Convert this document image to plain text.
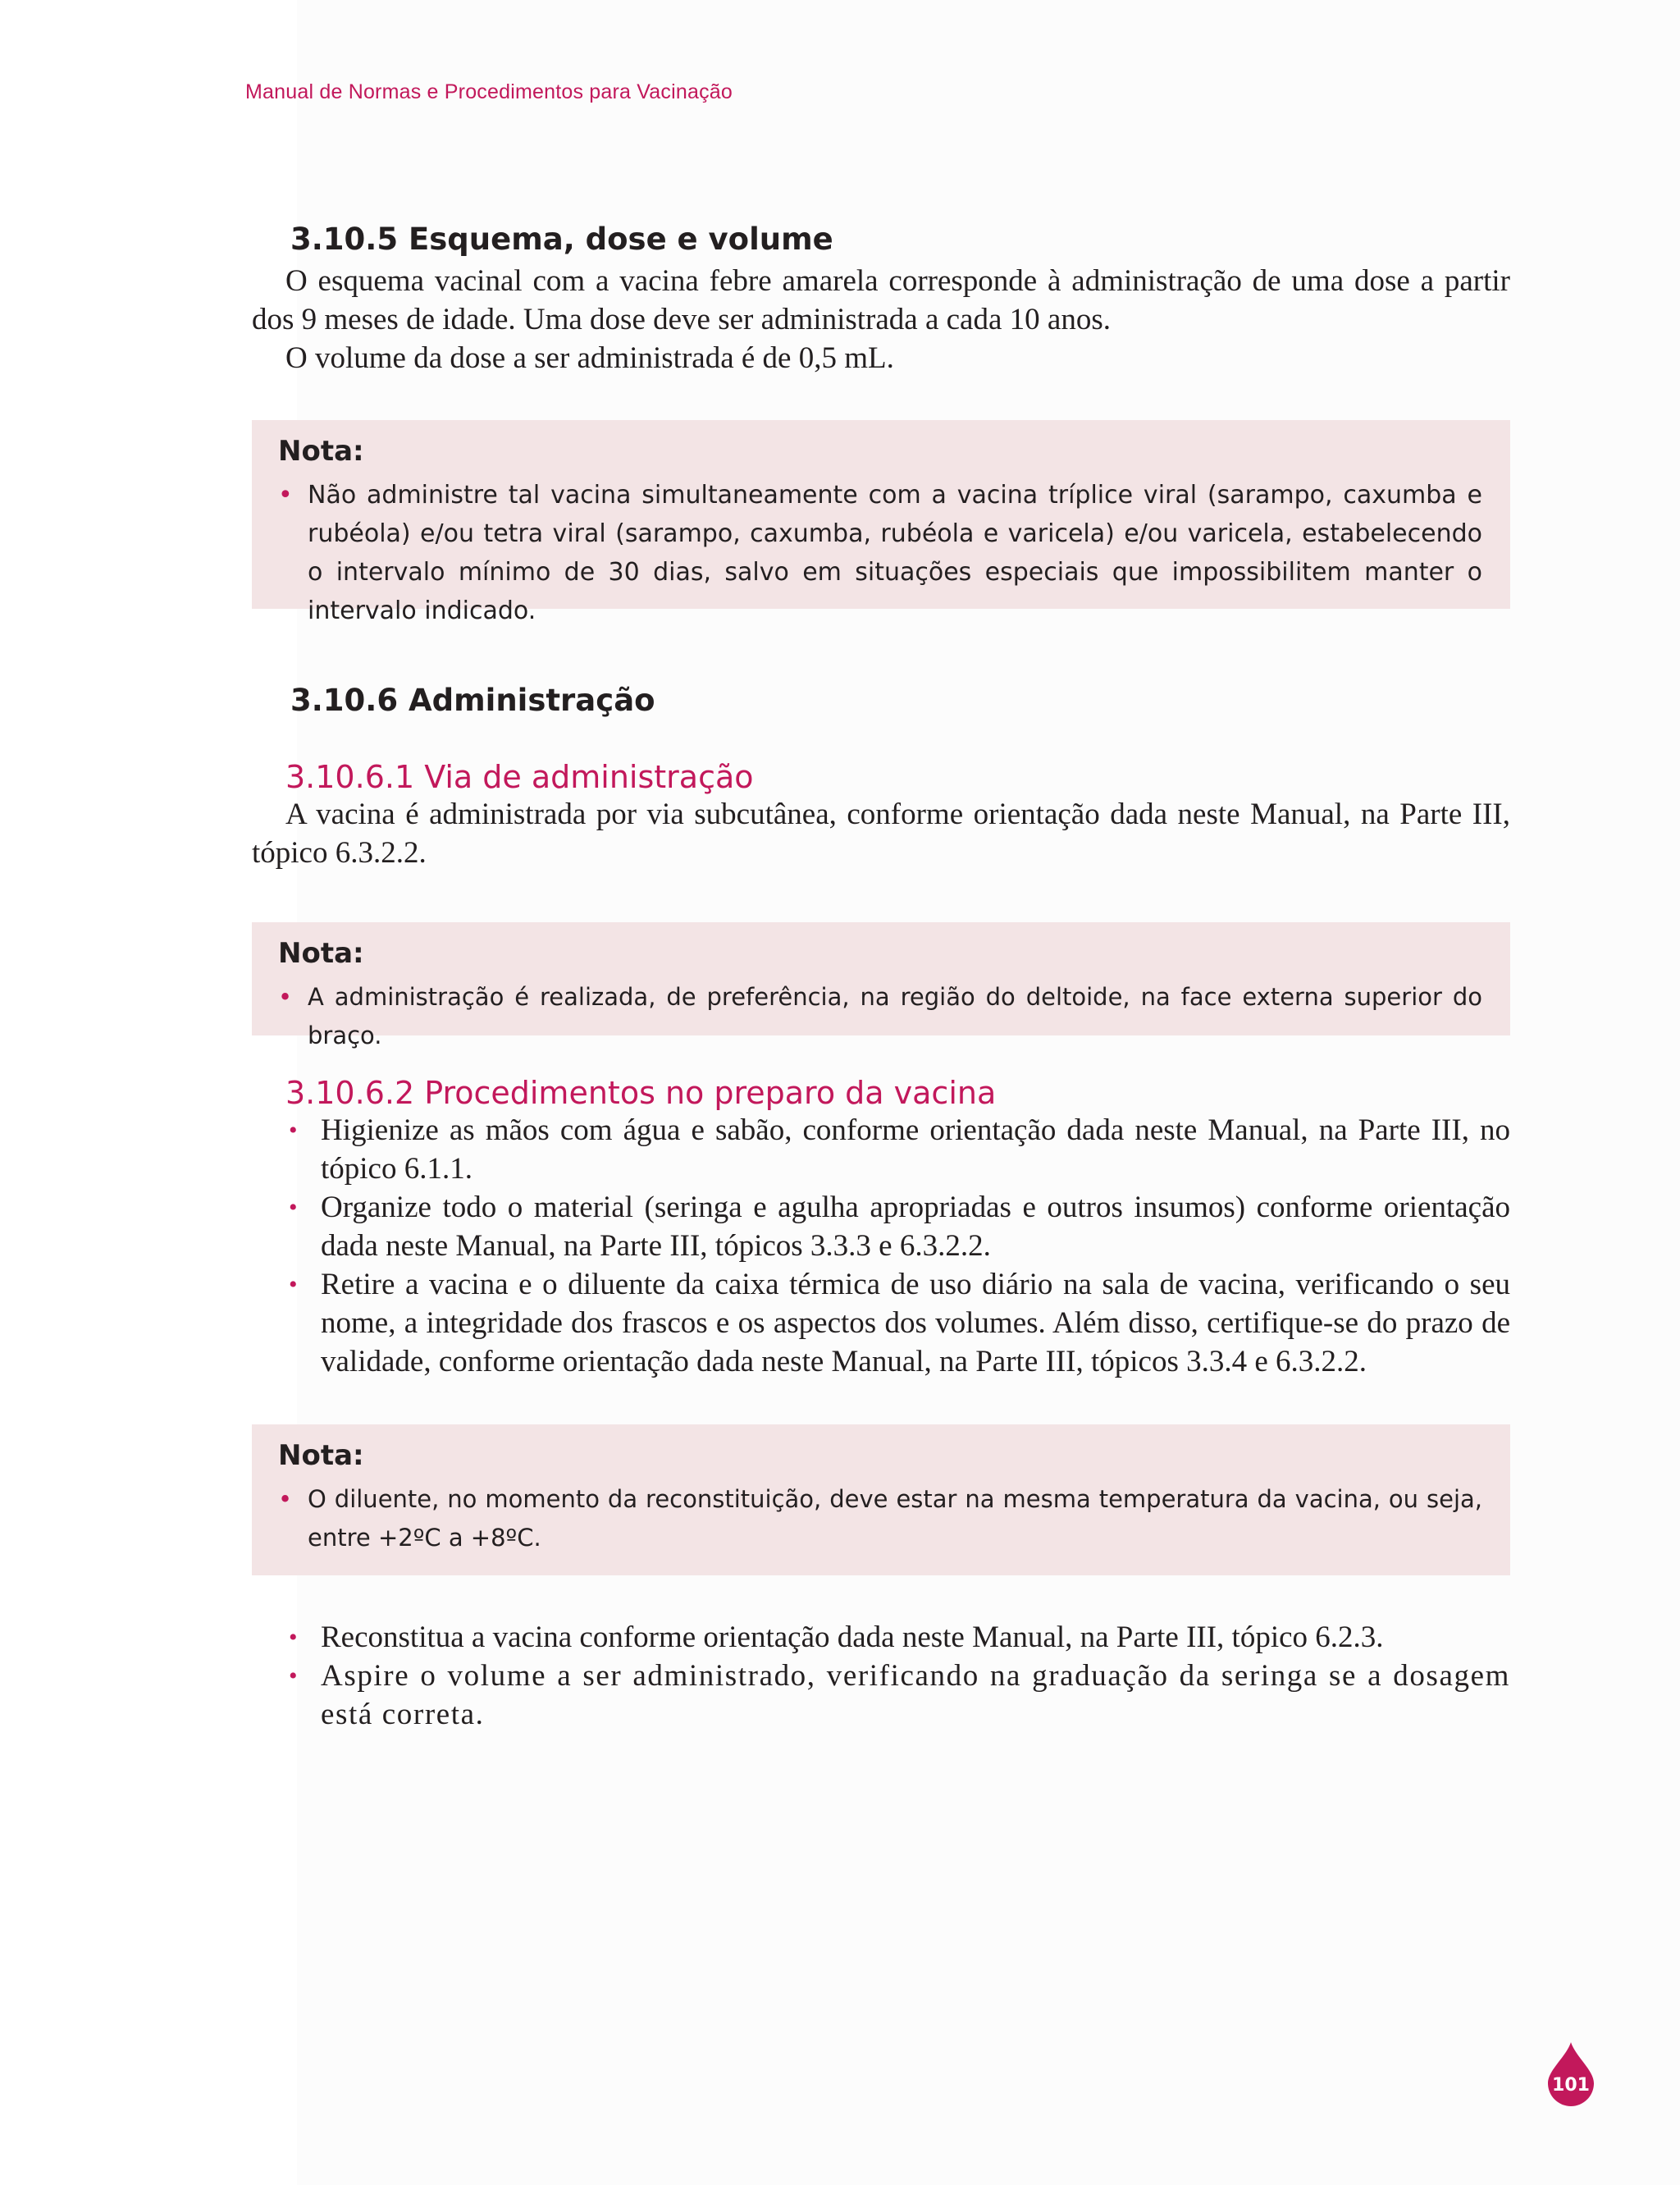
Manual de Normas e Procedimentos para Vacinação
3.10.5 Esquema, dose e volume

O esquema vacinal com a vacina febre amarela corresponde à administração de uma dose a partir dos 9 meses de idade. Uma dose deve ser administrada a cada 10 anos.

O volume da dose a ser administrada é de 0,5 mL.

Nota:
• Não administre tal vacina simultaneamente com a vacina tríplice viral (sarampo, caxumba e rubéola) e/ou tetra viral (sarampo, caxumba, rubéola e varicela) e/ou varicela, estabelecendo o intervalo mínimo de 30 dias, salvo em situações especiais que impossibilitem manter o intervalo indicado.
3.10.6 Administração
3.10.6.1 Via de administração

A vacina é administrada por via subcutânea, conforme orientação dada neste Manual, na Parte III, tópico 6.3.2.2.

Nota:
• A administração é realizada, de preferência, na região do deltoide, na face externa superior do braço.
3.10.6.2 Procedimentos no preparo da vacina
• Higienize as mãos com água e sabão, conforme orientação dada neste Manual, na Parte III, no tópico 6.1.1.
• Organize todo o material (seringa e agulha apropriadas e outros insumos) conforme orientação dada neste Manual, na Parte III, tópicos 3.3.3 e 6.3.2.2.
• Retire a vacina e o diluente da caixa térmica de uso diário na sala de vacina, verificando o seu nome, a integridade dos frascos e os aspectos dos volumes. Além disso, certifique-se do prazo de validade, conforme orientação dada neste Manual, na Parte III, tópicos 3.3.4 e 6.3.2.2.
Nota:
• O diluente, no momento da reconstituição, deve estar na mesma temperatura da vacina, ou seja, entre +2ºC a +8ºC.
• Reconstitua a vacina conforme orientação dada neste Manual, na Parte III, tópico 6.2.3.
• Aspire o volume a ser administrado, verificando na graduação da seringa se a dosagem está correta.
101
